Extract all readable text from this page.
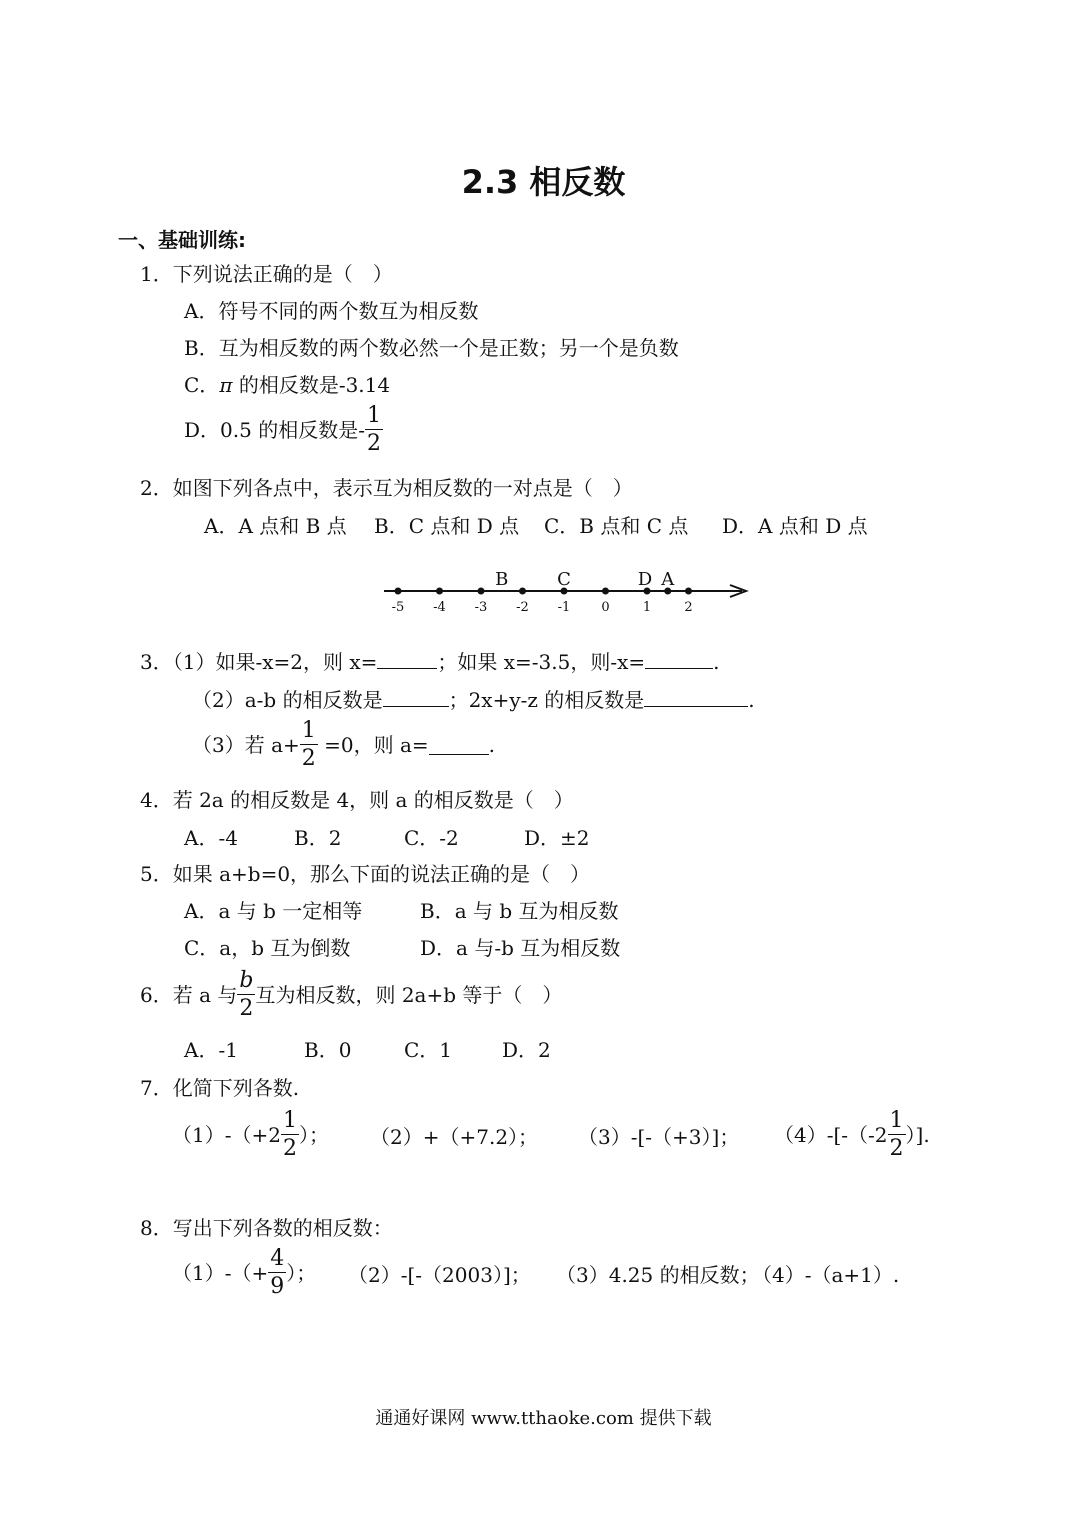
2.3 相反数
一、基础训练:
1．下列说法正确的是（　）
A．符号不同的两个数互为相反数
B．互为相反数的两个数必然一个是正数；另一个是负数
C．π 的相反数是-3.14
D．0.5 的相反数是- $\frac{1}{2}$
2．如图下列各点中，表示互为相反数的一对点是（　）
A．A 点和 B 点 B．C 点和 D 点 C．B 点和 C 点 D．A 点和 D 点
-5 -4 -3 -2 -1 0	1	2
B	C	D A
3．（1）如果-x=2，则 x=	；如果 x=-3.5，则-x=	.
（2）a-b 的相反数是	；2x+y-z 的相反数是	.
（3）若 $a+ \frac{1}{2} =0$，则 a=	.
4．若 2a 的相反数是 4，则 a 的相反数是（　）
A．-4	B．2	C．-2	D．±2
5．如果 a+b=0，那么下面的说法正确的是（　）
A．a 与 b 一定相等	B．a 与 b 互为相反数
C．a，b 互为倒数	D．a 与-b 互为相反数
6．若 a 与 $\frac{b}{2}$ 互为相反数，则 2a+b 等于（　）
A．-1	B．0	C．1 D．2
7．化简下列各数.
$(1)-(+2 \frac{1}{2}$ ）； （2）+（+7.2）； （3）-[-（+3）]； $(4)-[-(-2 \frac{1}{2}$ ）].
8．写出下列各数的相反数：
$(1)-(+ \frac{4}{9}$ ）； （2）-[-（2003）]； （3）4.25 的相反数；
（4）-（a+1）.
通通好课网 www.tthaoke.com 提供下载
